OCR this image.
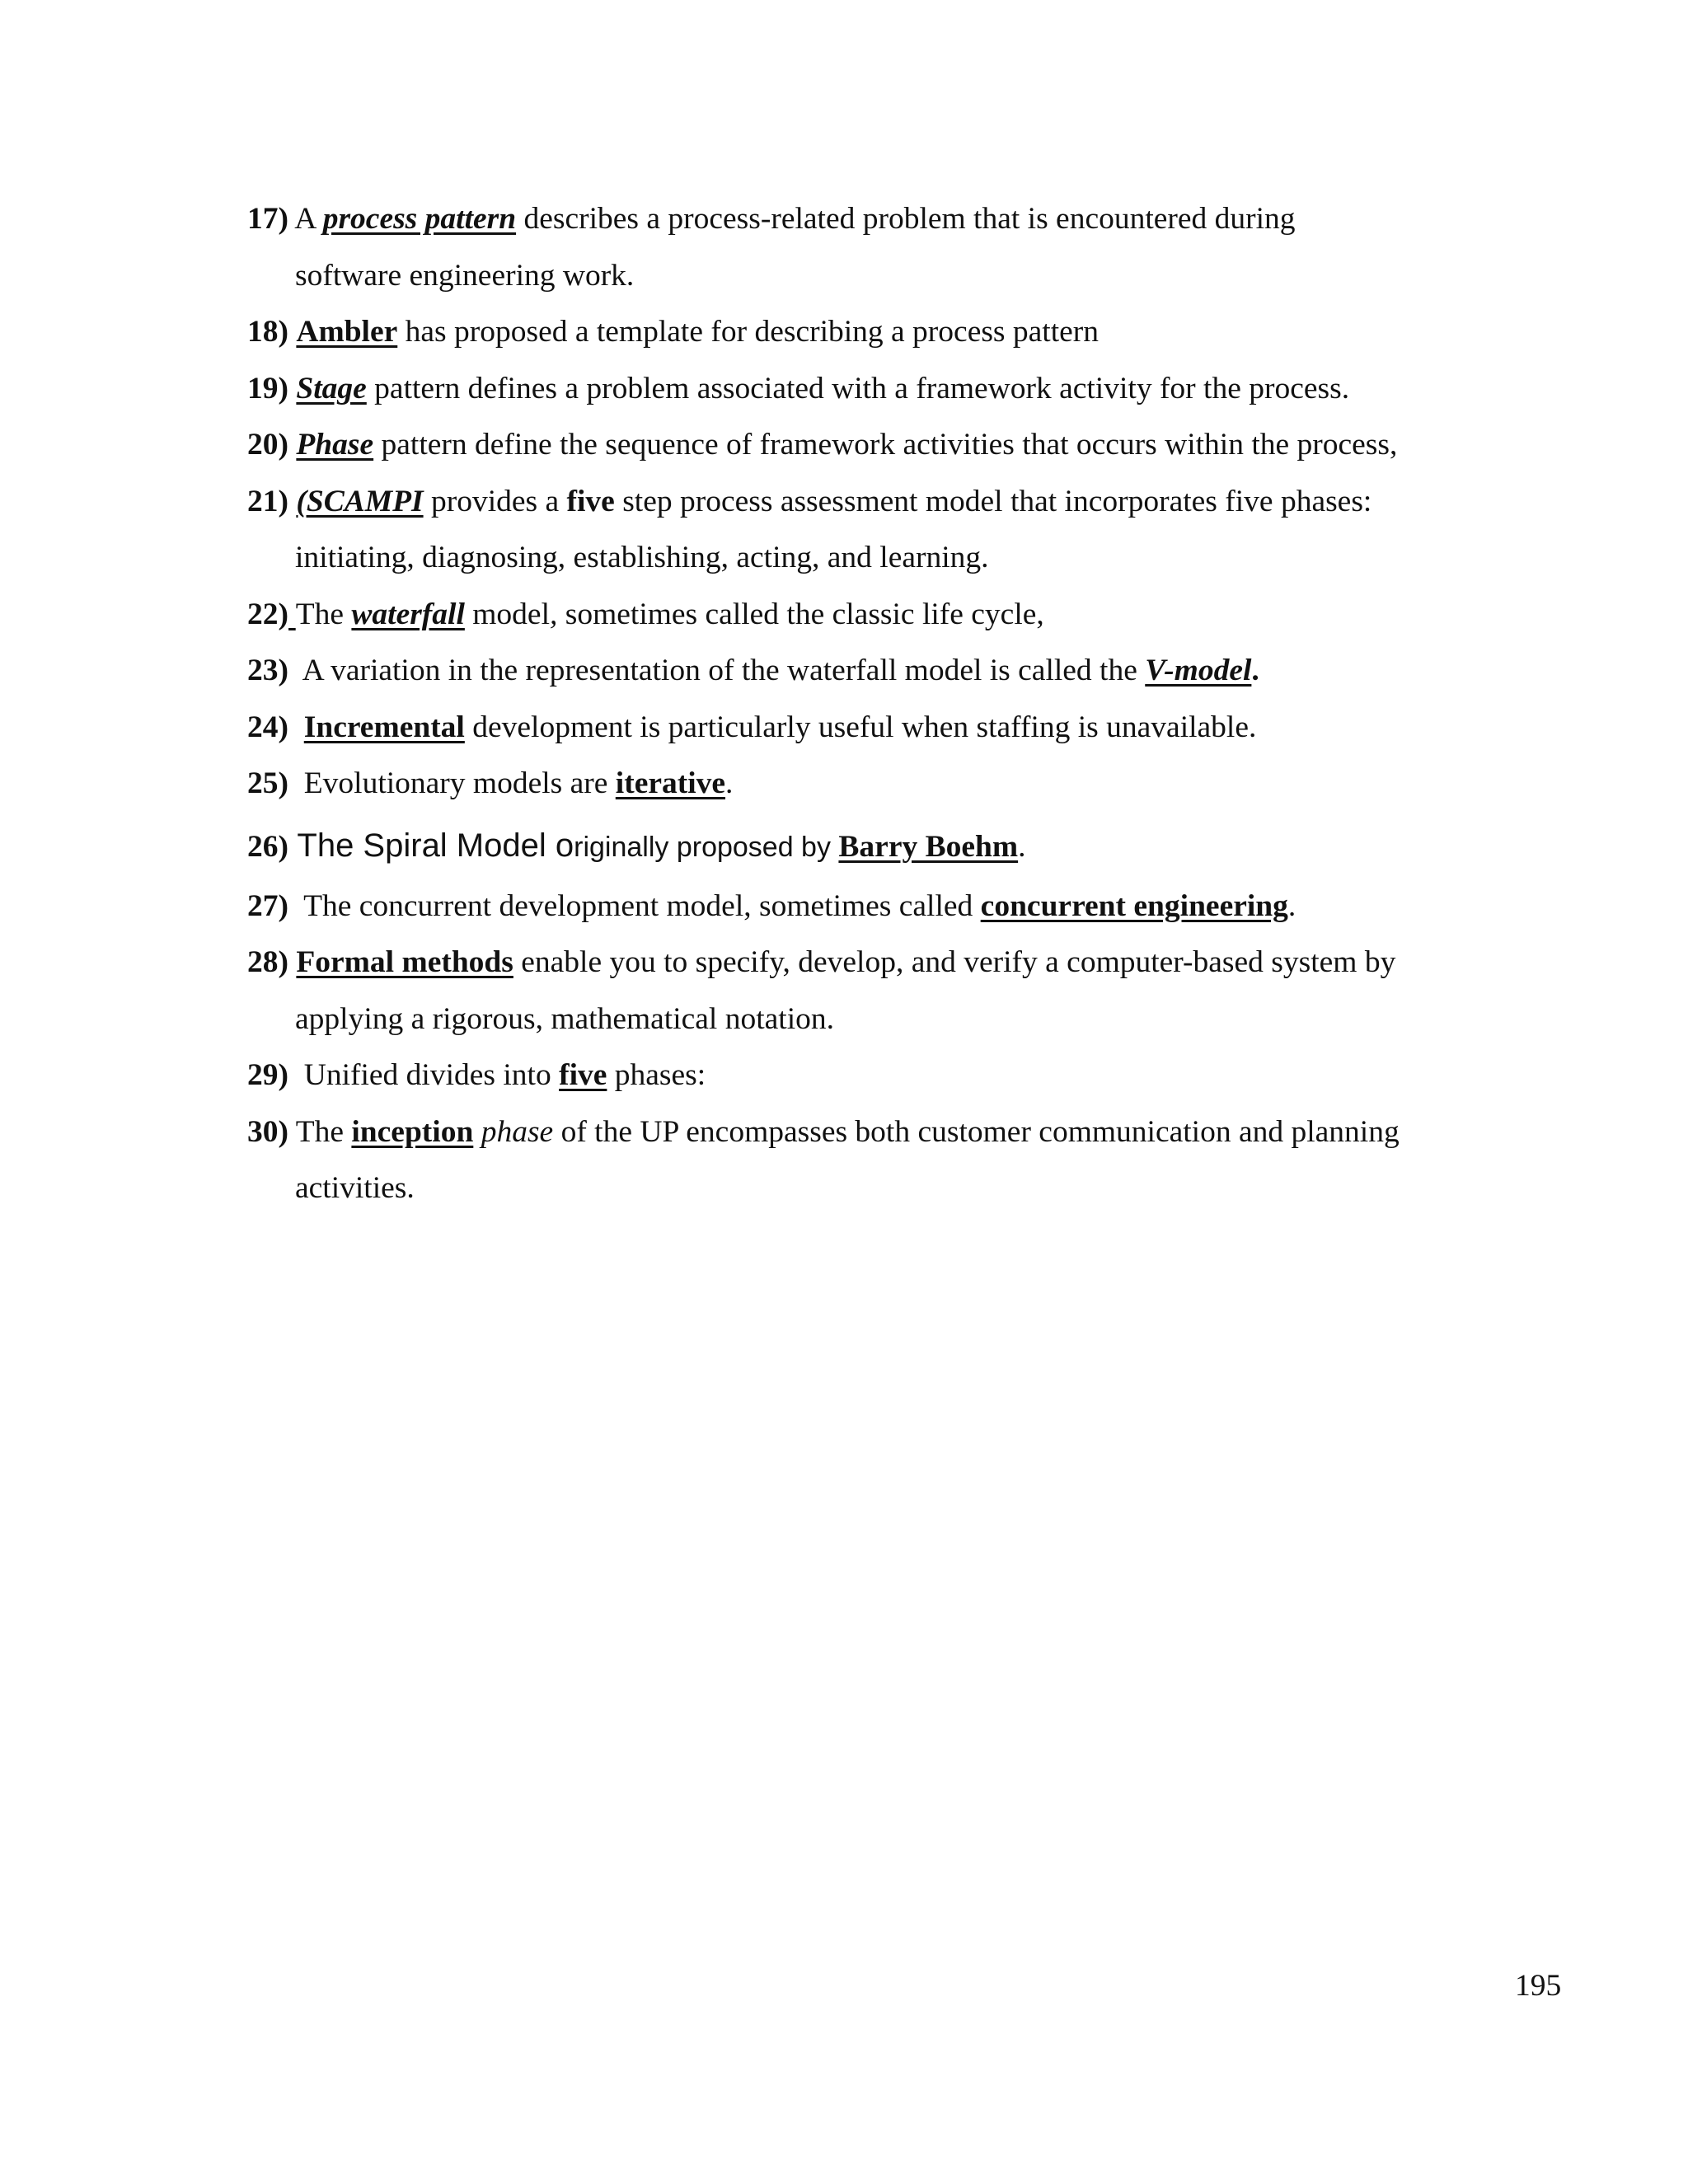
17) A process pattern describes a process-related problem that is encountered during
software engineering work.
18) Ambler has proposed a template for describing a process pattern
19) Stage pattern defines a problem associated with a framework activity for the process.
20) Phase pattern define the sequence of framework activities that occurs within the process,
21) (SCAMPI provides a five step process assessment model that incorporates five phases:
initiating, diagnosing, establishing, acting, and learning.
22) The waterfall model, sometimes called the classic life cycle,
23)  A variation in the representation of the waterfall model is called the V-model.
24) Incremental development is particularly useful when staffing is unavailable.
25)  Evolutionary models are iterative.
26) The Spiral Model originally proposed by Barry Boehm.
27)  The concurrent development model, sometimes called concurrent engineering.
28) Formal methods enable you to specify, develop, and verify a computer-based system by
applying a rigorous, mathematical notation.
29)  Unified divides into five phases:
30) The inception phase of the UP encompasses both customer communication and planning
activities.
195
